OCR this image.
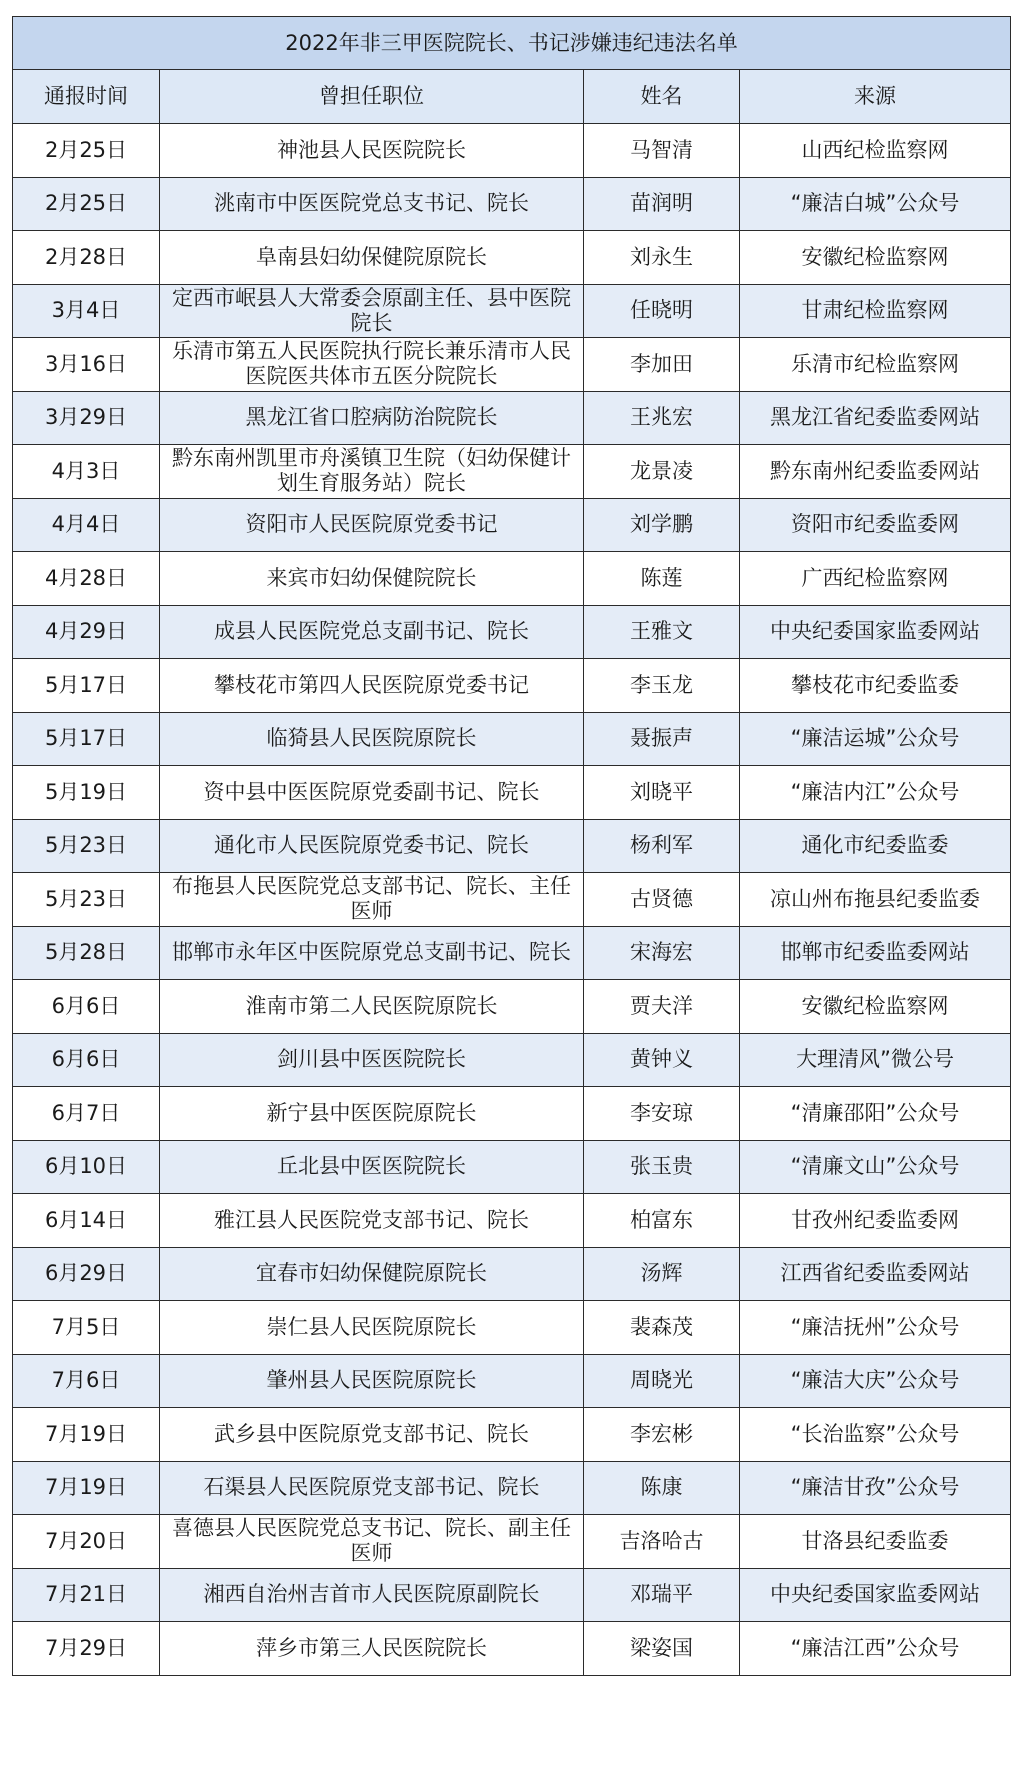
2022年非三甲医院院长、书记涉嫌违纪违法名单			
通报时间	曾担任职位	姓名	来源
2月25日	神池县人民医院院长	马智清	山西纪检监察网
2月25日	洮南市中医医院党总支书记、院长	苗润明	“廉洁白城”公众号
2月28日	阜南县妇幼保健院原院长	刘永生	安徽纪检监察网
3月4日	定西市岷县人大常委会原副主任、县中医院院长	任晓明	甘肃纪检监察网
3月16日	乐清市第五人民医院执行院长兼乐清市人民医院医共体市五医分院院长	李加田	乐清市纪检监察网
3月29日	黑龙江省口腔病防治院院长	王兆宏	黑龙江省纪委监委网站
4月3日	黔东南州凯里市舟溪镇卫生院（妇幼保健计划生育服务站）院长	龙景凌	黔东南州纪委监委网站
4月4日	资阳市人民医院原党委书记	刘学鹏	资阳市纪委监委网
4月28日	来宾市妇幼保健院院长	陈莲	广西纪检监察网
4月29日	成县人民医院党总支副书记、院长	王雅文	中央纪委国家监委网站
5月17日	攀枝花市第四人民医院原党委书记	李玉龙	攀枝花市纪委监委
5月17日	临猗县人民医院原院长	聂振声	“廉洁运城”公众号
5月19日	资中县中医医院原党委副书记、院长	刘晓平	“廉洁内江”公众号
5月23日	通化市人民医院原党委书记、院长	杨利军	通化市纪委监委
5月23日	布拖县人民医院党总支部书记、院长、主任医师	古贤德	凉山州布拖县纪委监委
5月28日	邯郸市永年区中医院原党总支副书记、院长	宋海宏	邯郸市纪委监委网站
6月6日	淮南市第二人民医院原院长	贾夫洋	安徽纪检监察网
6月6日	剑川县中医医院院长	黄钟义	大理清风”微公号
6月7日	新宁县中医医院原院长	李安琼	“清廉邵阳”公众号
6月10日	丘北县中医医院院长	张玉贵	“清廉文山”公众号
6月14日	雅江县人民医院党支部书记、院长	柏富东	甘孜州纪委监委网
6月29日	宜春市妇幼保健院原院长	汤辉	江西省纪委监委网站
7月5日	崇仁县人民医院原院长	裴森茂	“廉洁抚州”公众号
7月6日	肇州县人民医院原院长	周晓光	“廉洁大庆”公众号
7月19日	武乡县中医院原党支部书记、院长	李宏彬	“长治监察”公众号
7月19日	石渠县人民医院原党支部书记、院长	陈康	“廉洁甘孜”公众号
7月20日	喜德县人民医院党总支书记、院长、副主任医师	吉洛哈古	甘洛县纪委监委
7月21日	湘西自治州吉首市人民医院原副院长	邓瑞平	中央纪委国家监委网站
7月29日	萍乡市第三人民医院院长	梁姿国	“廉洁江西”公众号
